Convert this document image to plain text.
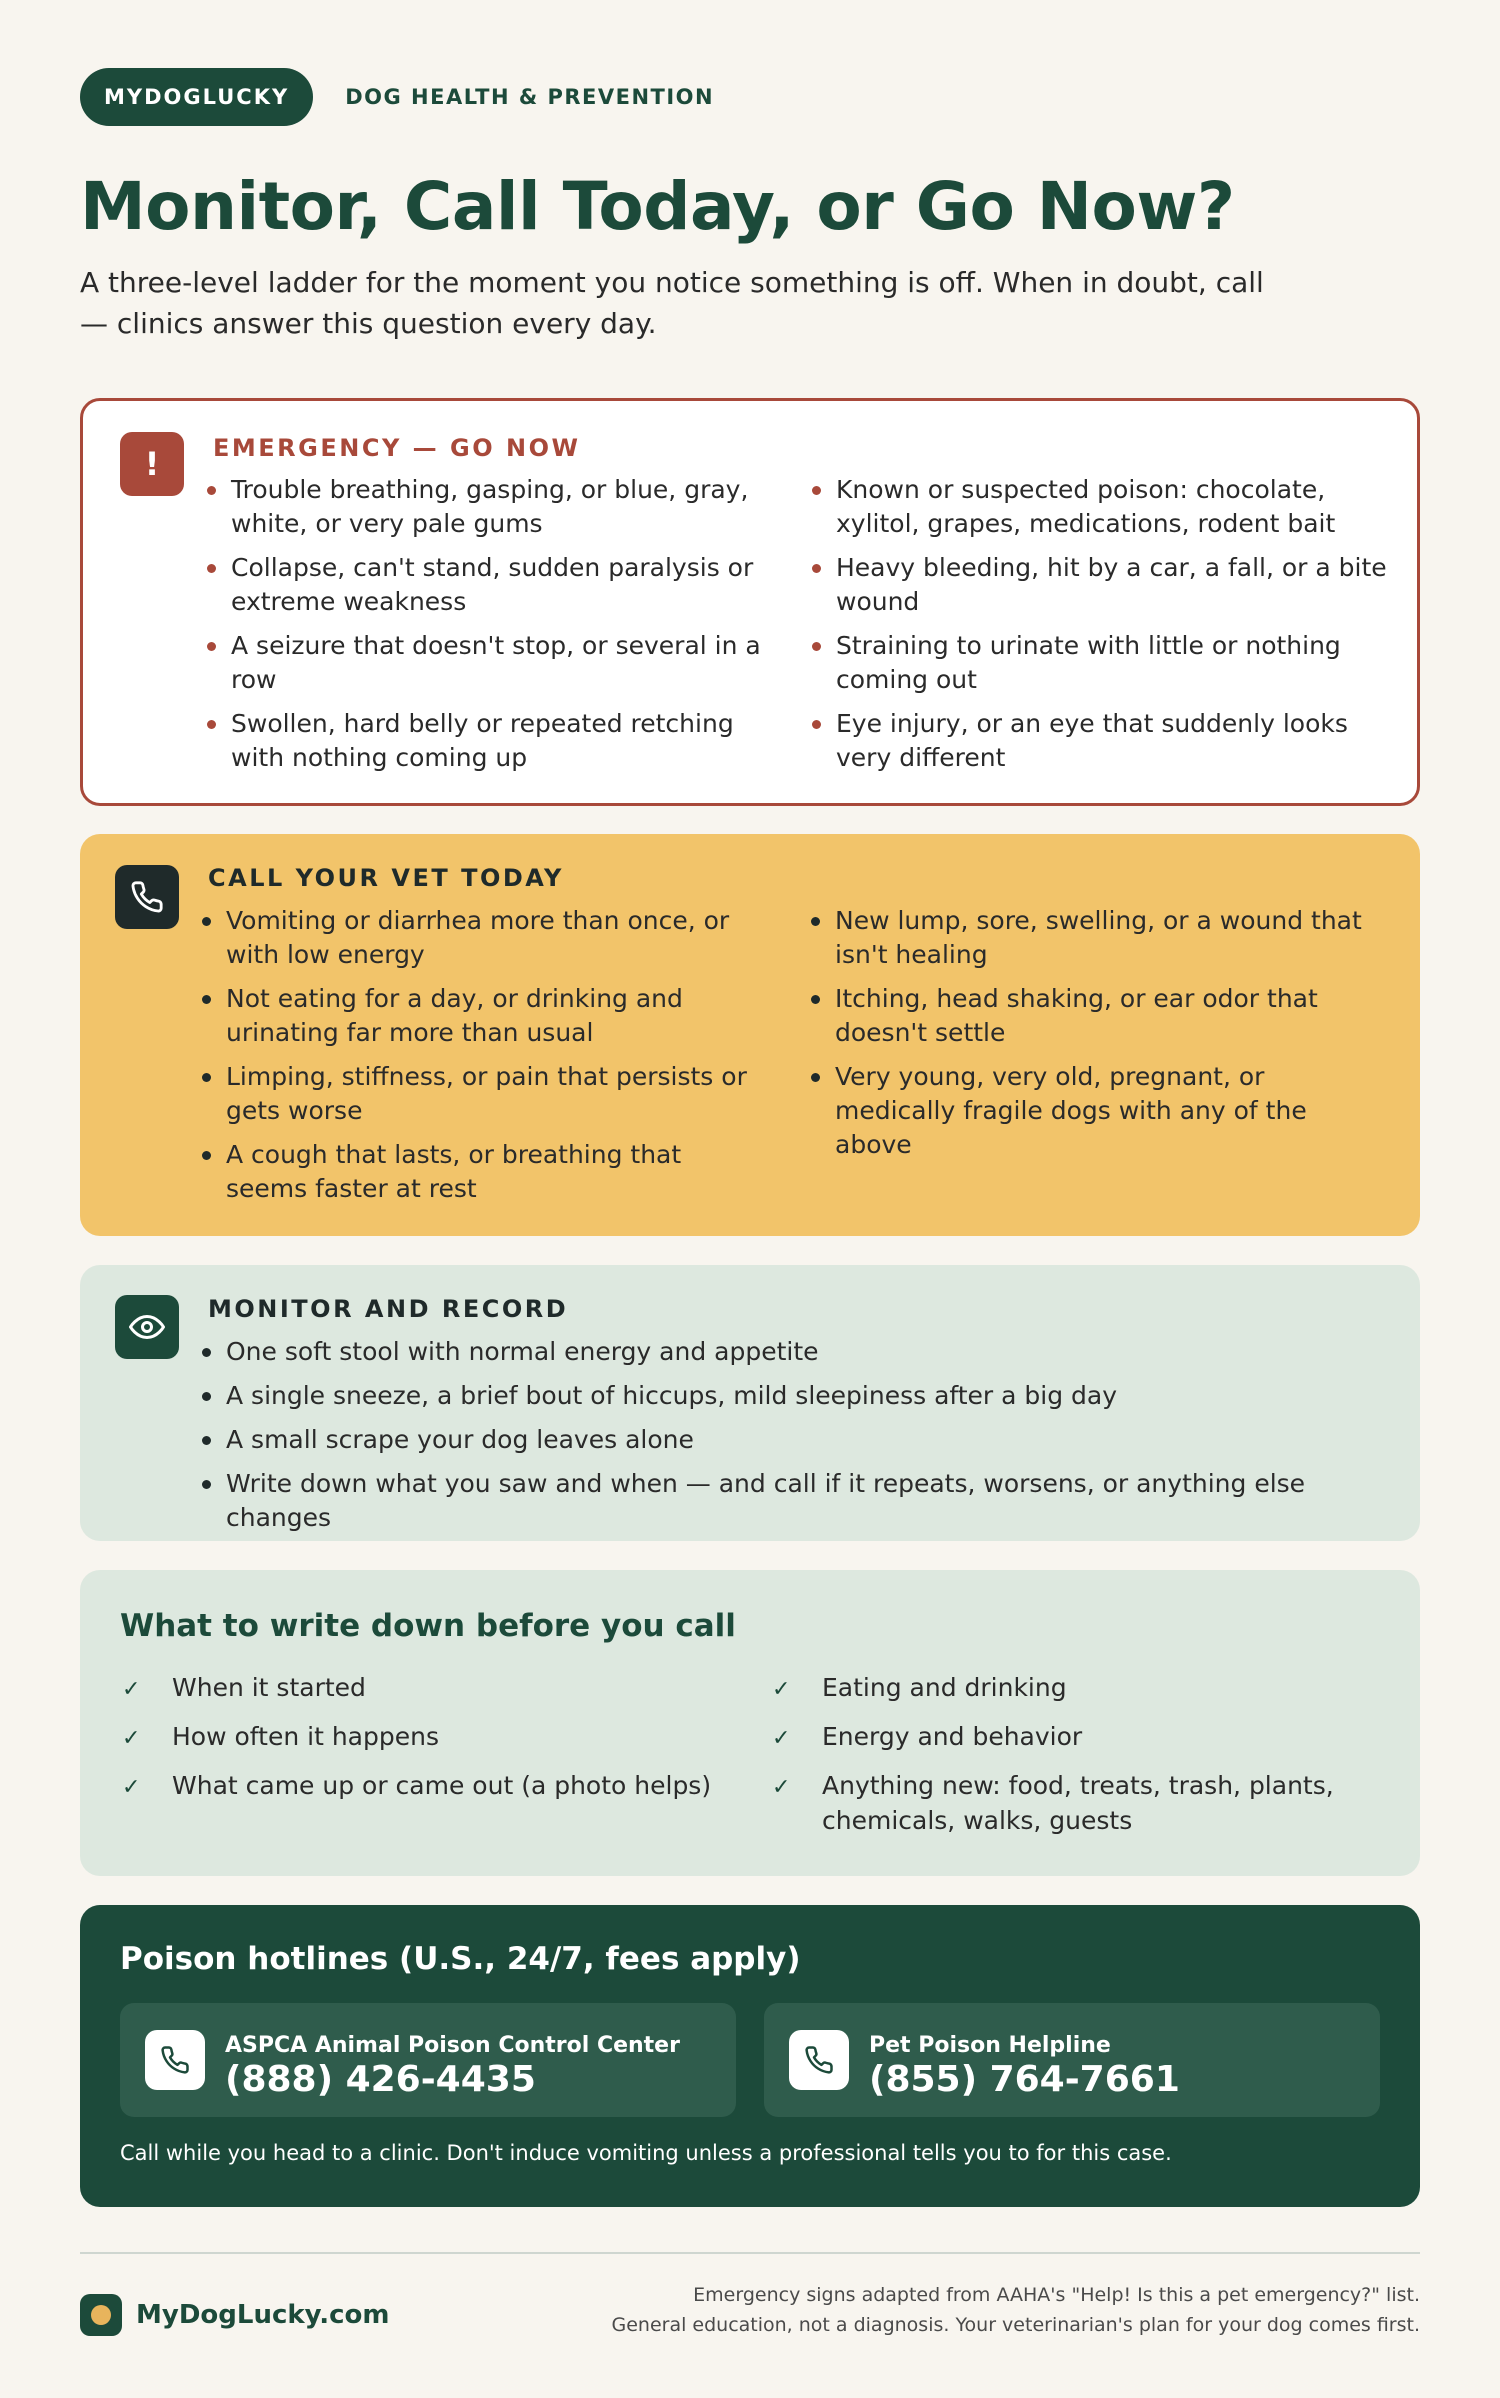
MYDOGLUCKY	DOG HEALTH & PREVENTION
Monitor, Call Today, or Go Now?

A three-level ladder for the moment you notice something is off. When in doubt, call — clinics answer this question every day.

!	EMERGENCY — GO NOW
Trouble breathing, gasping, or blue, gray, white, or very pale gums
Collapse, can't stand, sudden paralysis or extreme weakness
A seizure that doesn't stop, or several in a row
Swollen, hard belly or repeated retching with nothing coming up
Known or suspected poison: chocolate, xylitol, grapes, medications, rodent bait
Heavy bleeding, hit by a car, a fall, or a bite wound
Straining to urinate with little or nothing coming out
Eye injury, or an eye that suddenly looks very different
CALL YOUR VET TODAY
Vomiting or diarrhea more than once, or with low energy
Not eating for a day, or drinking and urinating far more than usual
Limping, stiffness, or pain that persists or gets worse
A cough that lasts, or breathing that seems faster at rest
New lump, sore, swelling, or a wound that isn't healing
Itching, head shaking, or ear odor that doesn't settle
Very young, very old, pregnant, or medically fragile dogs with any of the above
MONITOR AND RECORD
One soft stool with normal energy and appetite
A single sneeze, a brief bout of hiccups, mild sleepiness after a big day
A small scrape your dog leaves alone
Write down what you saw and when — and call if it repeats, worsens, or anything else changes
What to write down before you call
✓ When it started
✓ How often it happens
✓ What came up or came out (a photo helps)
✓ Eating and drinking
✓ Energy and behavior
✓ Anything new: food, treats, trash, plants, chemicals, walks, guests
Poison hotlines (U.S., 24/7, fees apply)
ASPCA Animal Poison Control Center
(888) 426-4435
Pet Poison Helpline
(855) 764-7661

Call while you head to a clinic. Don't induce vomiting unless a professional tells you to for this case.

MyDogLucky.com
Emergency signs adapted from AAHA's "Help! Is this a pet emergency?" list.
General education, not a diagnosis. Your veterinarian's plan for your dog comes first.
